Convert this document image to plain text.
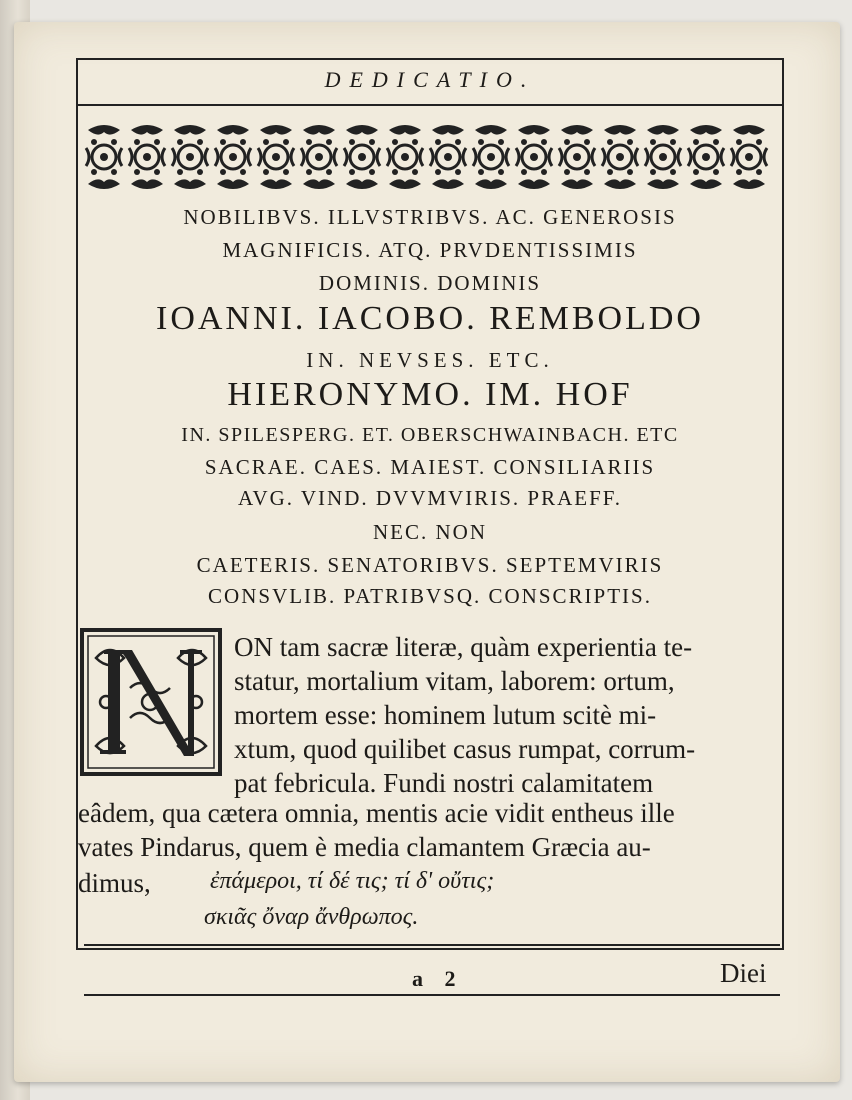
DEDICATIO.
NOBILIBVS. ILLVSTRIBVS. AC. GENEROSIS
MAGNIFICIS. ATQ. PRVDENTISSIMIS
DOMINIS. DOMINIS
IOANNI. IACOBO. REMBOLDO
IN. NEVSES. ETC.
HIERONYMO. IM. HOF
IN. SPILESPERG. ET. OBERSCHWAINBACH. ETC
SACRAE. CAES. MAIEST. CONSILIARIIS
AVG. VIND. DVVMVIRIS. PRAEFF.
NEC. NON
CAETERIS. SENATORIBVS. SEPTEMVIRIS
CONSVLIB. PATRIBVSQ. CONSCRIPTIS.
ON tam sacræ literæ, quàm experientia te-
statur, mortalium vitam, laborem: ortum,
mortem esse: hominem lutum scitè mi-
xtum, quod quilibet casus rumpat, corrum-
pat febricula. Fundi nostri calamitatem
eâdem, qua cætera omnia, mentis acie vidit entheus ille
vates Pindarus, quem è media clamantem Græcia au-
dimus, ἐπάμεροι, τί δέ τις; τί δ' οὔτις;
σκιᾶς ὄναρ ἄνθρωπος.
a 2	Diei
